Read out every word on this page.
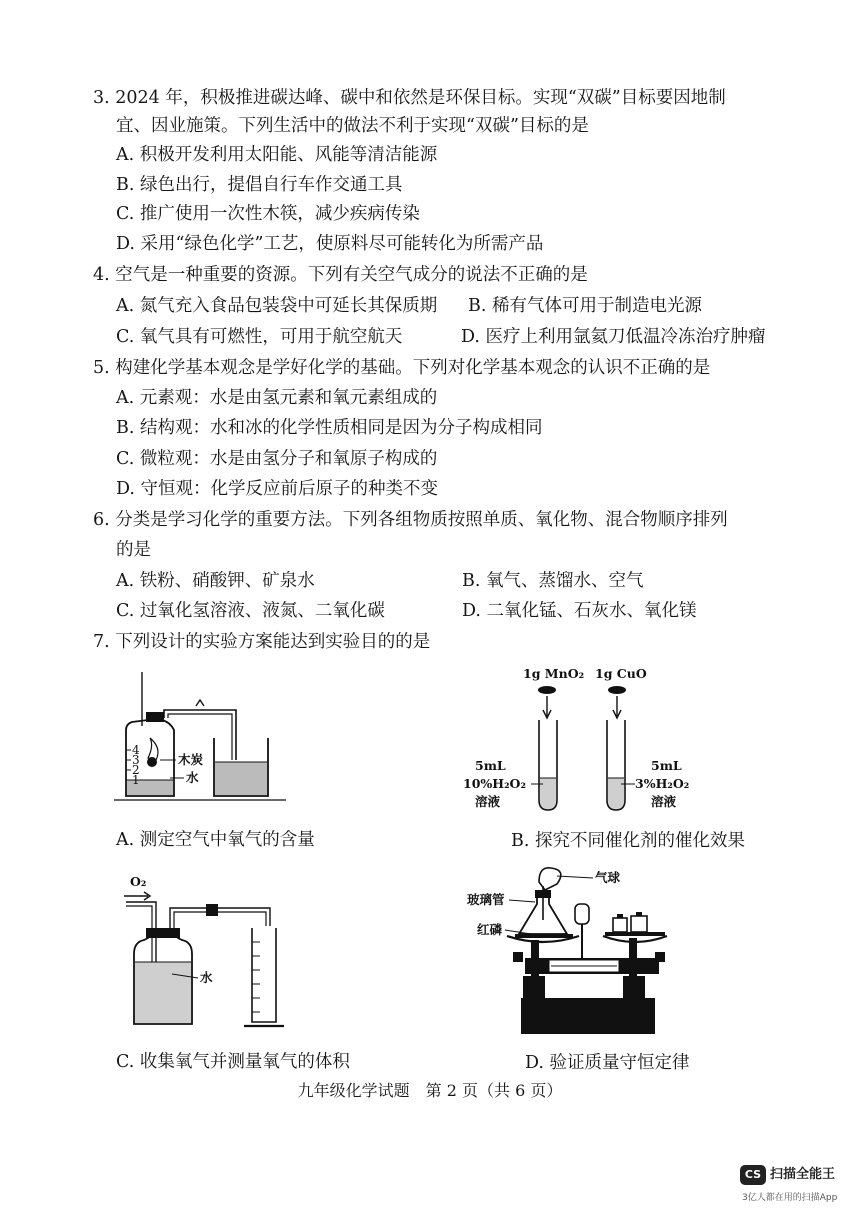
3. 2024 年，积极推进碳达峰、碳中和依然是环保目标。实现“双碳”目标要因地制
宜、因业施策。下列生活中的做法不利于实现“双碳”目标的是
A. 积极开发利用太阳能、风能等清洁能源
B. 绿色出行，提倡自行车作交通工具
C. 推广使用一次性木筷，减少疾病传染
D. 采用“绿色化学”工艺，使原料尽可能转化为所需产品
4. 空气是一种重要的资源。下列有关空气成分的说法不正确的是
A. 氮气充入食品包装袋中可延长其保质期 B. 稀有气体可用于制造电光源
C. 氧气具有可燃性，可用于航空航天	D. 医疗上利用氩氦刀低温冷冻治疗肿瘤
5. 构建化学基本观念是学好化学的基础。下列对化学基本观念的认识不正确的是
A. 元素观：水是由氢元素和氧元素组成的
B. 结构观：水和冰的化学性质相同是因为分子构成相同
C. 微粒观：水是由氢分子和氧原子构成的
D. 守恒观：化学反应前后原子的种类不变
6. 分类是学习化学的重要方法。下列各组物质按照单质、氧化物、混合物顺序排列
的是
A. 铁粉、硝酸钾、矿泉水	B. 氧气、蒸馏水、空气
C. 过氧化氢溶液、液氮、二氧化碳	D. 二氧化锰、石灰水、氧化镁
7. 下列设计的实验方案能达到实验目的的是
4
3
2
1
木炭
水
A. 测定空气中氧气的含量
1g MnO₂ 1g CuO
5mL
10%H₂O₂
溶液
5mL
3%H₂O₂
溶液
B. 探究不同催化剂的催化效果
O₂
水
C. 收集氧气并测量氧气的体积
气球
玻璃管
红磷
D. 验证质量守恒定律
九年级化学试题　第 2 页（共 6 页）
CS 扫描全能王
3亿人都在用的扫描App
